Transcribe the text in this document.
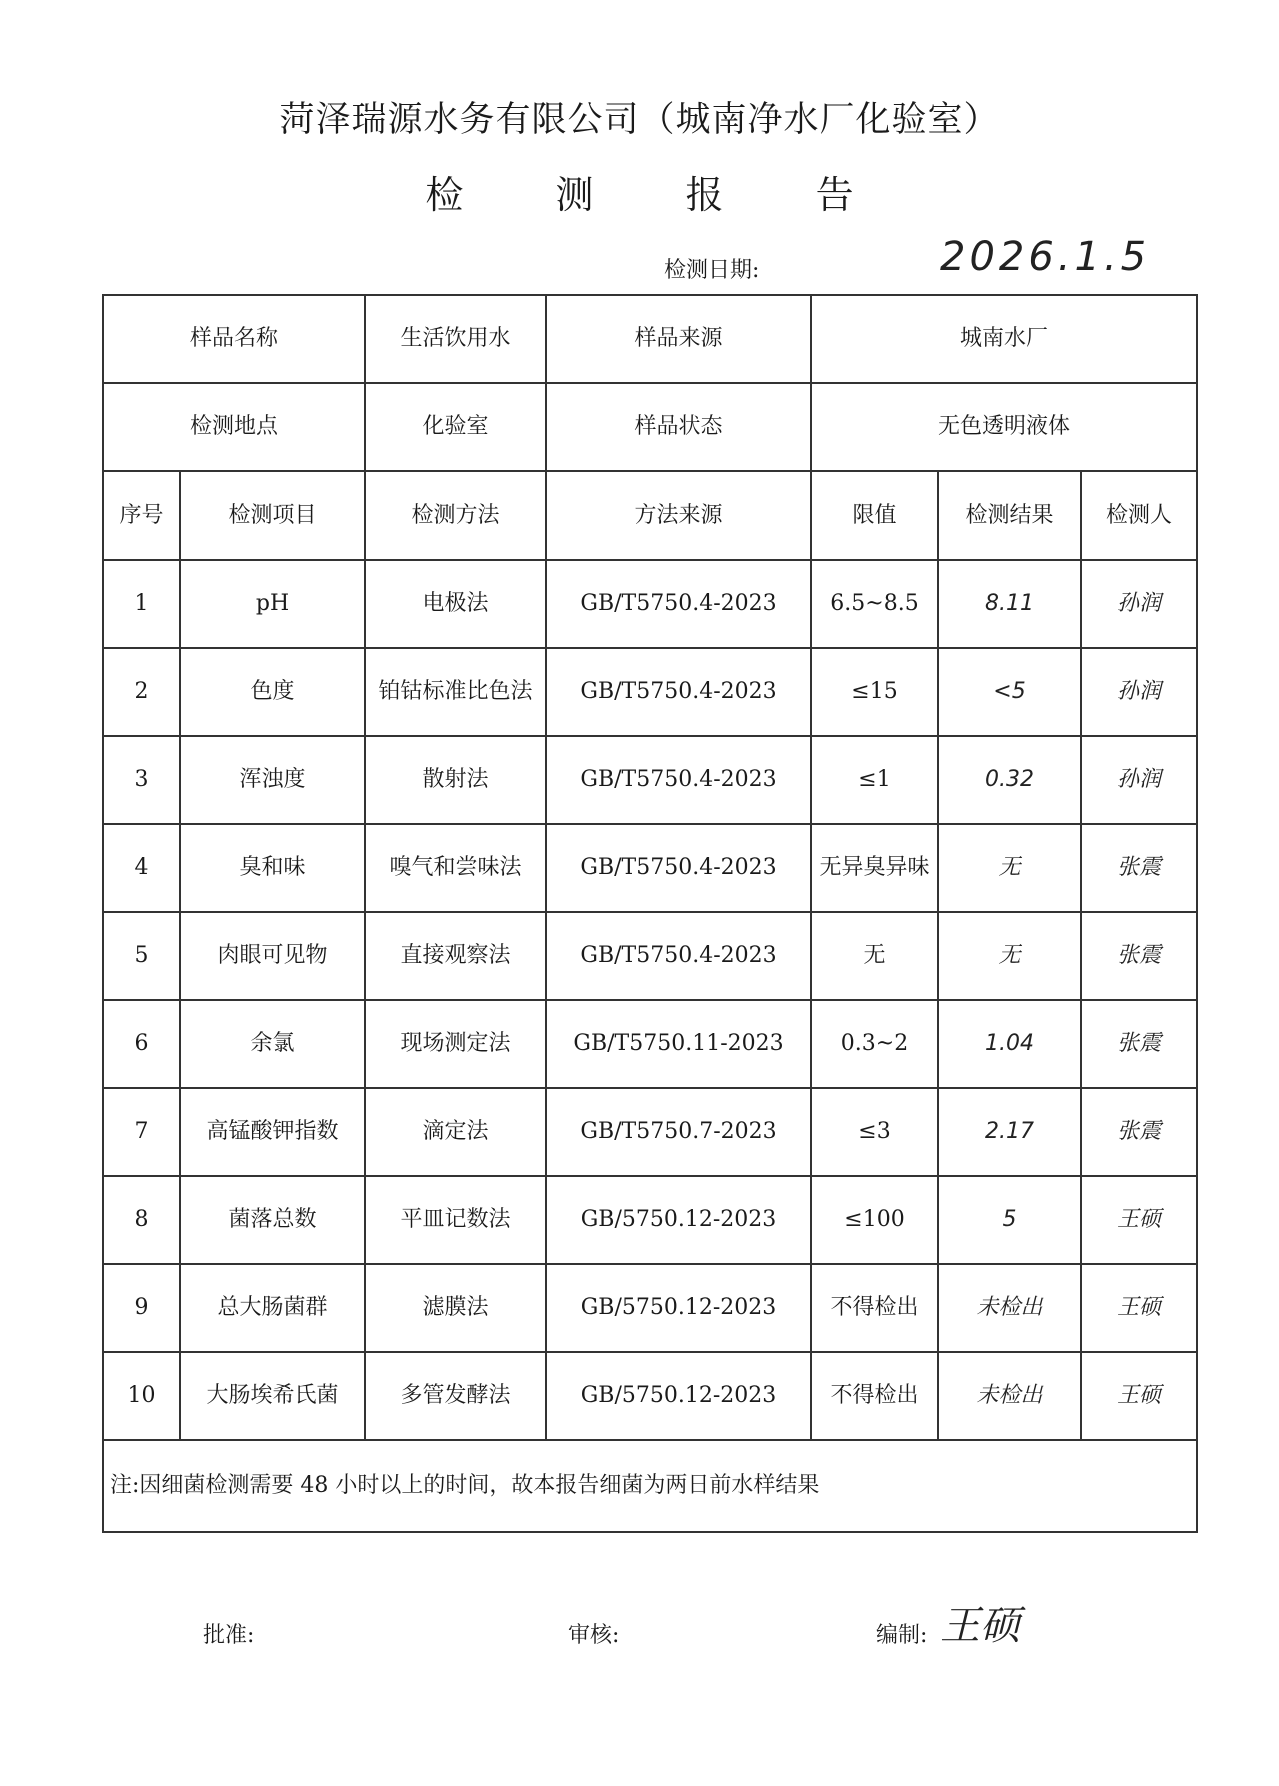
菏泽瑞源水务有限公司（城南净水厂化验室）
检 测 报 告
检测日期:	2026.1.5
样品名称		生活饮用水	样品来源	城南水厂		
检测地点		化验室	样品状态	无色透明液体		
序号	检测项目	检测方法	方法来源	限值	检测结果	检测人
1	pH	电极法	GB/T5750.4-2023	6.5~8.5	8.11	孙润
2	色度	铂钴标准比色法	GB/T5750.4-2023	≤15	<5	孙润
3	浑浊度	散射法	GB/T5750.4-2023	≤1	0.32	孙润
4	臭和味	嗅气和尝味法	GB/T5750.4-2023	无异臭异味	无	张震
5	肉眼可见物	直接观察法	GB/T5750.4-2023	无	无	张震
6	余氯	现场测定法	GB/T5750.11-2023	0.3~2	1.04	张震
7	高锰酸钾指数	滴定法	GB/T5750.7-2023	≤3	2.17	张震
8	菌落总数	平皿记数法	GB/5750.12-2023	≤100	5	王硕
9	总大肠菌群	滤膜法	GB/5750.12-2023	不得检出	未检出	王硕
10	大肠埃希氏菌	多管发酵法	GB/5750.12-2023	不得检出	未检出	王硕
注:因细菌检测需要 48 小时以上的时间，故本报告细菌为两日前水样结果						
批准:	审核:	编制: 王硕
